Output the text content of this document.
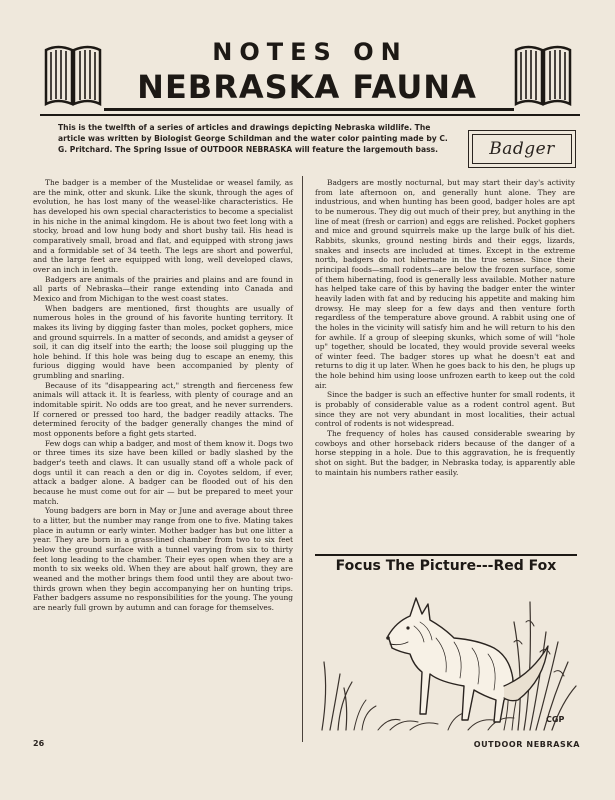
NOTES ON
NEBRASKA FAUNA
This is the twelfth of a series of articles and drawings depicting Nebraska wildlife. The article was written by Biologist George Schildman and the water color painting made by C. G. Pritchard. The Spring Issue of OUTDOOR NEBRASKA will feature the largemouth bass.	Badger

The badger is a member of the Mustelidae or weasel family, as are the mink, otter and skunk. Like the skunk, through the ages of evolution, he has lost many of the weasel-like characteristics. He has developed his own special characteristics to become a specialist in his niche in the animal kingdom. He is about two feet long with a stocky, broad and low hung body and short bushy tail. His head is comparatively small, broad and flat, and equipped with strong jaws and a formidable set of 34 teeth. The legs are short and powerful, and the large feet are equipped with long, well developed claws, over an inch in length.

Badgers are animals of the prairies and plains and are found in all parts of Nebraska—their range extending into Canada and Mexico and from Michigan to the west coast states.

When badgers are mentioned, first thoughts are usually of numerous holes in the ground of his favorite hunting territory. It makes its living by digging faster than moles, pocket gophers, mice and ground squirrels. In a matter of seconds, and amidst a geyser of soil, it can dig itself into the earth; the loose soil plugging up the hole behind. If this hole was being dug to escape an enemy, this furious digging would have been accompanied by plenty of grumbling and snarling.

Because of its "disappearing act," strength and fierceness few animals will attack it. It is fearless, with plenty of courage and an indomitable spirit. No odds are too great, and he never surrenders. If cornered or pressed too hard, the badger readily attacks. The determined ferocity of the badger generally changes the mind of most opponents before a fight gets started.

Few dogs can whip a badger, and most of them know it. Dogs two or three times its size have been killed or badly slashed by the badger's teeth and claws. It can usually stand off a whole pack of dogs until it can reach a den or dig in. Coyotes seldom, if ever, attack a badger alone. A badger can be flooded out of his den because he must come out for air — but be prepared to meet your match.

Young badgers are born in May or June and average about three to a litter, but the number may range from one to five. Mating takes place in autumn or early winter. Mother badger has but one litter a year. They are born in a grass-lined chamber from two to six feet below the ground surface with a tunnel varying from six to thirty feet long leading to the chamber. Their eyes open when they are a month to six weeks old. When they are about half grown, they are weaned and the mother brings them food until they are about two-thirds grown when they begin accompanying her on hunting trips. Father badgers assume no responsibilities for the young. The young are nearly full grown by autumn and can forage for themselves.

Badgers are mostly nocturnal, but may start their day's activity from late afternoon on, and generally hunt alone. They are industrious, and when hunting has been good, badger holes are apt to be numerous. They dig out much of their prey, but anything in the line of meat (fresh or carrion) and eggs are relished. Pocket gophers and mice and ground squirrels make up the large bulk of his diet. Rabbits, skunks, ground nesting birds and their eggs, lizards, snakes and insects are included at times. Except in the extreme north, badgers do not hibernate in the true sense. Since their principal foods—small rodents—are below the frozen surface, some of them hibernating, food is generally less available. Mother nature has helped take care of this by having the badger enter the winter heavily laden with fat and by reducing his appetite and making him drowsy. He may sleep for a few days and then venture forth regardless of the temperature above ground. A rabbit using one of the holes in the vicinity will satisfy him and he will return to his den for awhile. If a group of sleeping skunks, which some of will "hole up" together, should be located, they would provide several weeks of winter feed. The badger stores up what he doesn't eat and returns to dig it up later. When he goes back to his den, he plugs up the hole behind him using loose unfrozen earth to keep out the cold air.

Since the badger is such an effective hunter for small rodents, it is probably of considerable value as a rodent control agent. But since they are not very abundant in most localities, their actual control of rodents is not widespread.

The frequency of holes has caused considerable swearing by cowboys and other horseback riders because of the danger of a horse stepping in a hole. Due to this aggravation, he is frequently shot on sight. But the badger, in Nebraska today, is apparently able to maintain his numbers rather easily.

Focus The Picture---Red Fox
CGP
26	OUTDOOR NEBRASKA
